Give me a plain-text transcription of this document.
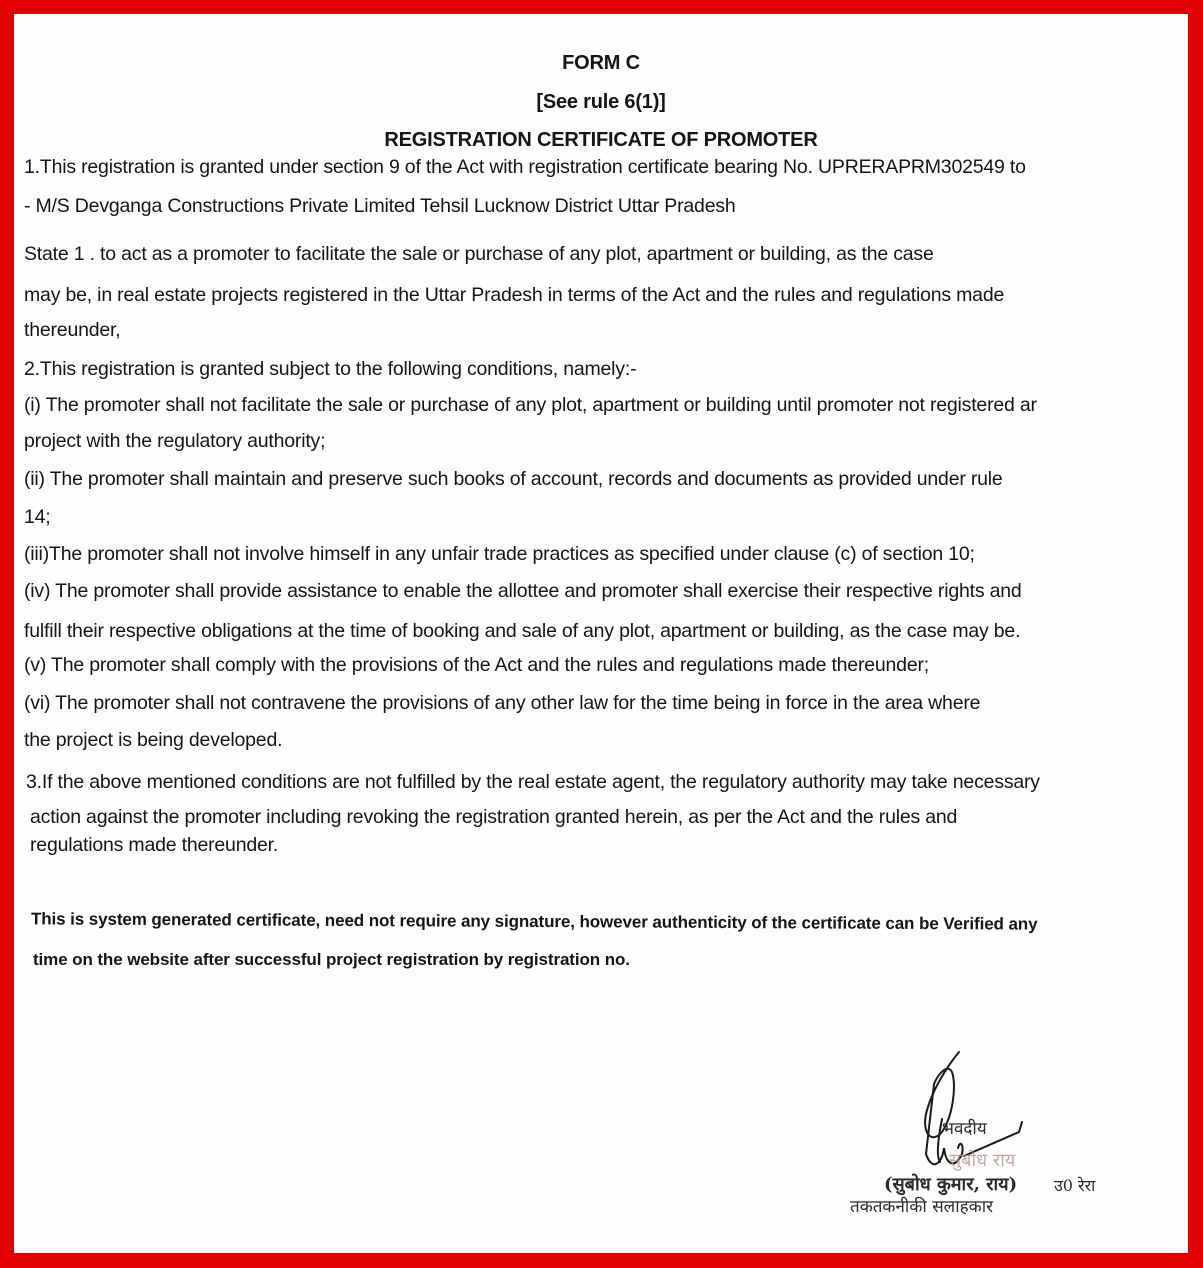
FORM C
[See rule 6(1)]
REGISTRATION CERTIFICATE OF PROMOTER
1.This registration is granted under section 9 of the Act with registration certificate bearing No. UPRERAPRM302549 to
- M/S Devganga Constructions Private Limited Tehsil Lucknow District Uttar Pradesh
State 1 . to act as a promoter to facilitate the sale or purchase of any plot, apartment or building, as the case
may be, in real estate projects registered in the Uttar Pradesh in terms of the Act and the rules and regulations made
thereunder,
2.This registration is granted subject to the following conditions, namely:-
(i) The promoter shall not facilitate the sale or purchase of any plot, apartment or building until promoter not registered ar
project with the regulatory authority;
(ii) The promoter shall maintain and preserve such books of account, records and documents as provided under rule
14;
(iii)The promoter shall not involve himself in any unfair trade practices as specified under clause (c) of section 10;
(iv) The promoter shall provide assistance to enable the allottee and promoter shall exercise their respective rights and
fulfill their respective obligations at the time of booking and sale of any plot, apartment or building, as the case may be.
(v) The promoter shall comply with the provisions of the Act and the rules and regulations made thereunder;
(vi) The promoter shall not contravene the provisions of any other law for the time being in force in the area where
the project is being developed.
3.If the above mentioned conditions are not fulfilled by the real estate agent, the regulatory authority may take necessary
action against the promoter including revoking the registration granted herein, as per the Act and the rules and
regulations made thereunder.
This is system generated certificate, need not require any signature, however authenticity of the certificate can be Verified any
time on the website after successful project registration by registration no.
भवदीय
सुबोध राय
(सुबोध कुमार, राय) उ0 रेरा
तकतकनीकी सलाहकार
